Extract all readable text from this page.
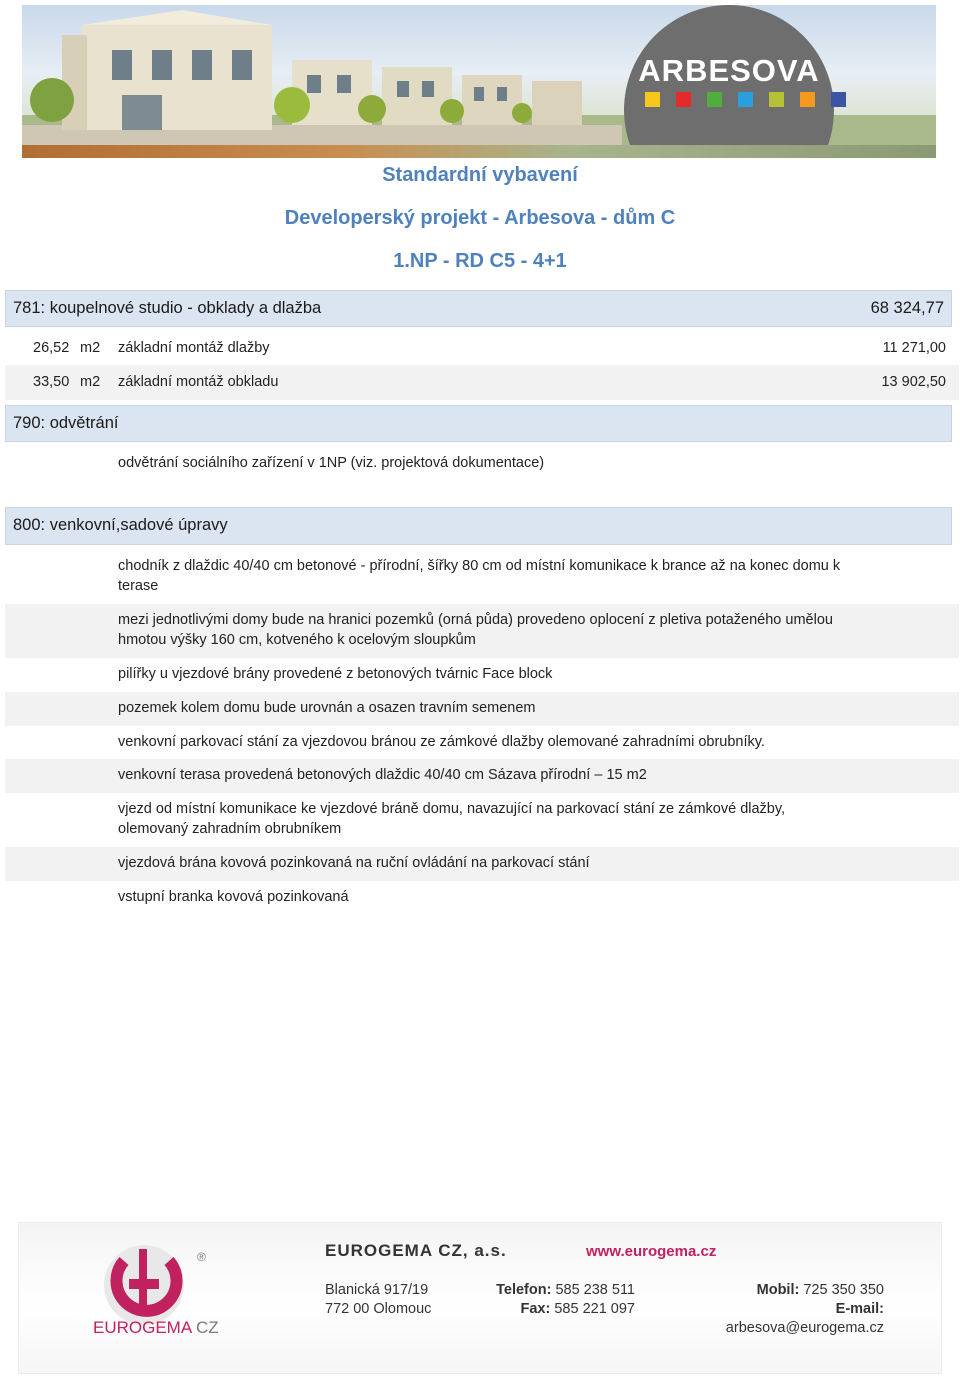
ARBESOVA
Standardní vybavení
Developerský projekt - Arbesova - dům C
1.NP - RD C5 - 4+1
781: koupelnové studio - obklady a dlažba	68 324,77
26,52 m2 základní montáž dlažby	11 271,00
33,50 m2 základní montáž obkladu	13 902,50
790: odvětrání
odvětrání sociálního zařízení v 1NP (viz. projektová dokumentace)
800: venkovní,sadové úpravy
chodník z dlaždic 40/40 cm betonové - přírodní, šířky 80 cm od místní komunikace k brance až na konec domu k terase
mezi jednotlivými domy bude na hranici pozemků (orná půda) provedeno oplocení z pletiva potaženého umělou hmotou výšky 160 cm, kotveného k ocelovým sloupkům
pilířky u vjezdové brány provedené z betonových tvárnic Face block
pozemek kolem domu bude urovnán a osazen travním semenem
venkovní parkovací stání za vjezdovou bránou ze zámkové dlažby olemované zahradními obrubníky.
venkovní terasa provedená betonových dlaždic 40/40 cm Sázava přírodní – 15 m2
vjezd od místní komunikace ke vjezdové bráně domu, navazující na parkovací stání ze zámkové dlažby, olemovaný zahradním obrubníkem
vjezdová brána kovová pozinkovaná na ruční ovládání na parkovací stání
vstupní branka kovová pozinkovaná
®
EUROGEMA CZ
EUROGEMA CZ, a.s.	www.eurogema.cz
Blanická 917/19
772 00 Olomouc
Telefon: 585 238 511
Fax: 585 221 097
Mobil: 725 350 350
E-mail: arbesova@eurogema.cz
